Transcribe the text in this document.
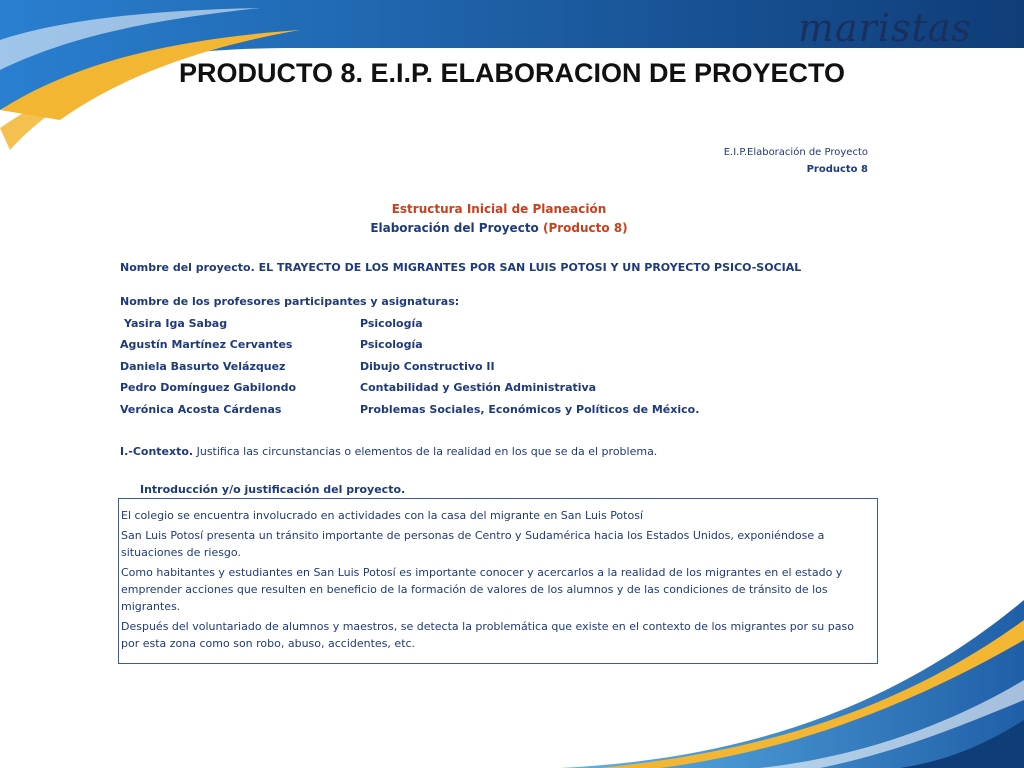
maristas
PRODUCTO 8. E.I.P. ELABORACION DE PROYECTO
E.I.P.Elaboración de Proyecto
Producto 8
Estructura Inicial de Planeación
Elaboración del Proyecto (Producto 8)
Nombre del proyecto. EL TRAYECTO DE LOS MIGRANTES POR SAN LUIS POTOSI Y UN PROYECTO PSICO-SOCIAL
Nombre de los profesores participantes y asignaturas:
Yasira Iga Sabag	Psicología
Agustín Martínez Cervantes	Psicología
Daniela Basurto Velázquez	Dibujo Constructivo II
Pedro Domínguez Gabilondo	Contabilidad y Gestión Administrativa
Verónica Acosta Cárdenas	Problemas Sociales, Económicos y Políticos de México.
I.-Contexto. Justifica las circunstancias o elementos de la realidad en los que se da el problema.
Introducción y/o justificación del proyecto.

El colegio se encuentra involucrado en actividades con la casa del migrante en San Luis Potosí

San Luis Potosí presenta un tránsito importante de personas de Centro y Sudamérica hacia los Estados Unidos, exponiéndose a situaciones de riesgo.

Como habitantes y estudiantes en San Luis Potosí es importante conocer y acercarlos a la realidad de los migrantes en el estado y emprender acciones que resulten en beneficio de la formación de valores de los alumnos y de las condiciones de tránsito de los migrantes.

Después del voluntariado de alumnos y maestros, se detecta la problemática que existe en el contexto de los migrantes por su paso por esta zona como son robo, abuso, accidentes, etc.
